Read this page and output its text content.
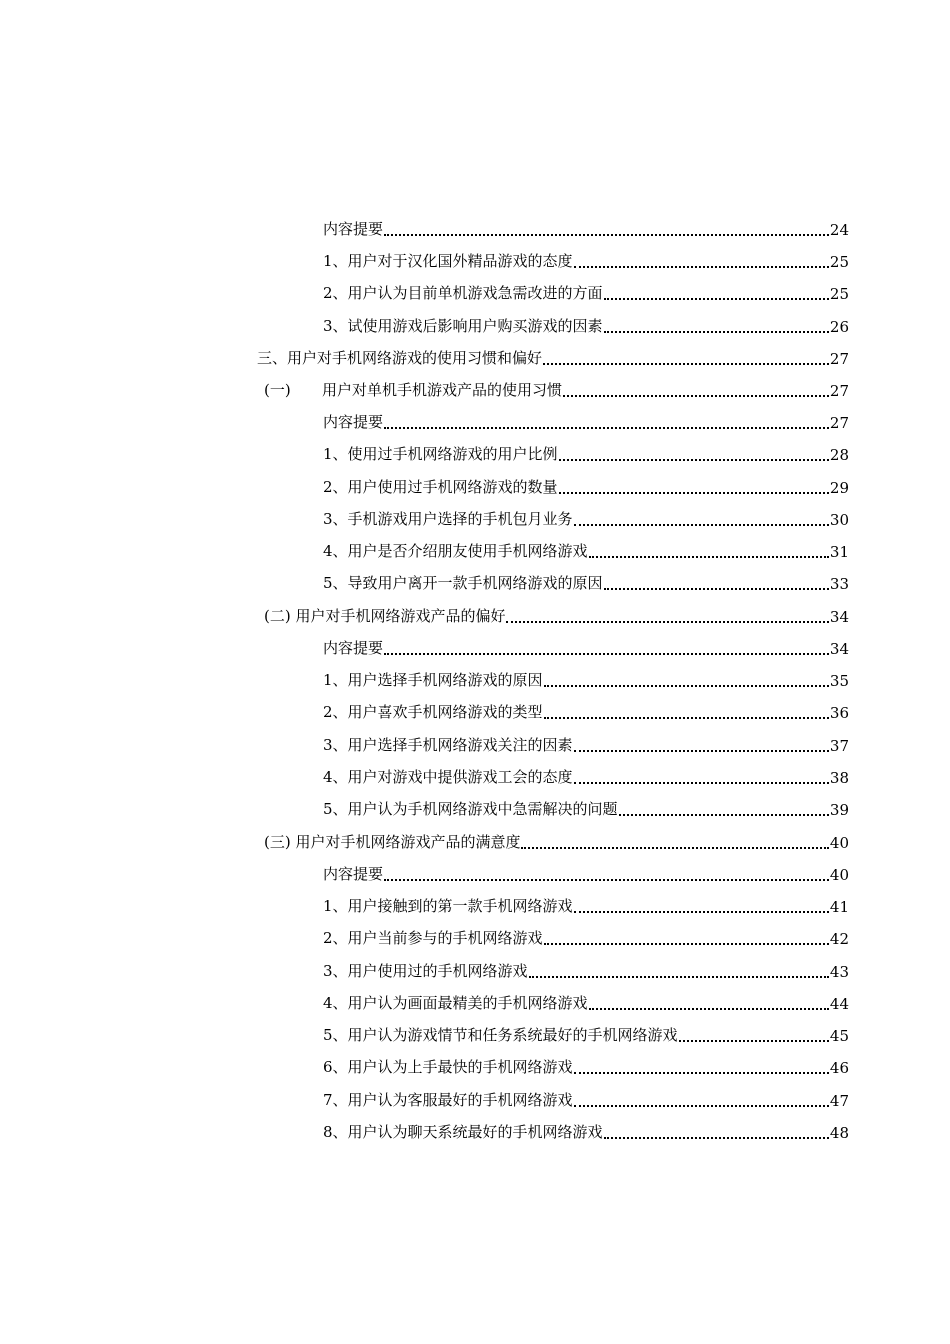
内容提要	24
1、用户对于汉化国外精品游戏的态度	25
2、用户认为目前单机游戏急需改进的方面	25
3、试使用游戏后影响用户购买游戏的因素	26
三、用户对手机网络游戏的使用习惯和偏好	27
(一) 用户对单机手机游戏产品的使用习惯	27
内容提要	27
1、使用过手机网络游戏的用户比例	28
2、用户使用过手机网络游戏的数量	29
3、手机游戏用户选择的手机包月业务	30
4、用户是否介绍朋友使用手机网络游戏	31
5、导致用户离开一款手机网络游戏的原因	33
(二) 用户对手机网络游戏产品的偏好	34
内容提要	34
1、用户选择手机网络游戏的原因	35
2、用户喜欢手机网络游戏的类型	36
3、用户选择手机网络游戏关注的因素	37
4、用户对游戏中提供游戏工会的态度	38
5、用户认为手机网络游戏中急需解决的问题	39
(三) 用户对手机网络游戏产品的满意度	40
内容提要	40
1、用户接触到的第一款手机网络游戏	41
2、用户当前参与的手机网络游戏	42
3、用户使用过的手机网络游戏	43
4、用户认为画面最精美的手机网络游戏	44
5、用户认为游戏情节和任务系统最好的手机网络游戏	45
6、用户认为上手最快的手机网络游戏	46
7、用户认为客服最好的手机网络游戏	47
8、用户认为聊天系统最好的手机网络游戏	48
